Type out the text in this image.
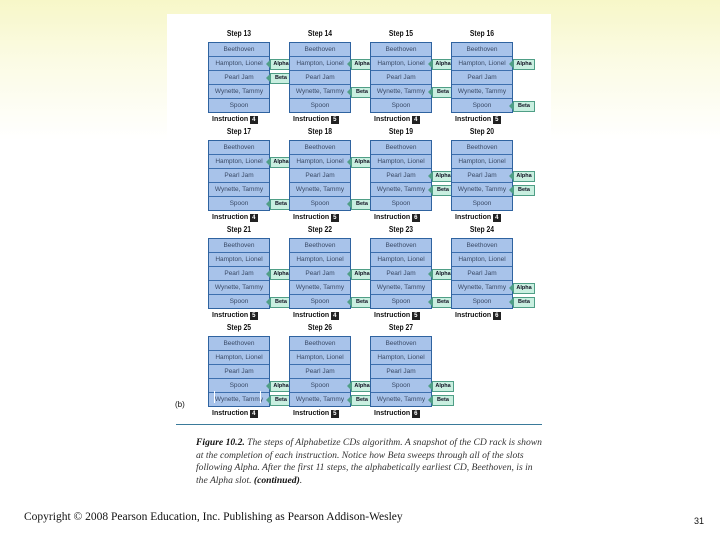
(b)
Step 13
Beethoven
Hampton, Lionel
Pearl Jam
Wynette, Tammy
Spoon
Alpha
Beta
Instruction 4
Step 14
Beethoven
Hampton, Lionel
Pearl Jam
Wynette, Tammy
Spoon
Alpha
Beta
Instruction 5
Step 15
Beethoven
Hampton, Lionel
Pearl Jam
Wynette, Tammy
Spoon
Alpha
Beta
Instruction 4
Step 16
Beethoven
Hampton, Lionel
Pearl Jam
Wynette, Tammy
Spoon
Alpha
Beta
Instruction 5
Step 17
Beethoven
Hampton, Lionel
Pearl Jam
Wynette, Tammy
Spoon
Alpha
Beta
Instruction 4
Step 18
Beethoven
Hampton, Lionel
Pearl Jam
Wynette, Tammy
Spoon
Alpha
Beta
Instruction 5
Step 19
Beethoven
Hampton, Lionel
Pearl Jam
Wynette, Tammy
Spoon
Alpha
Beta
Instruction 6
Step 20
Beethoven
Hampton, Lionel
Pearl Jam
Wynette, Tammy
Spoon
Alpha
Beta
Instruction 4
Step 21
Beethoven
Hampton, Lionel
Pearl Jam
Wynette, Tammy
Spoon
Alpha
Beta
Instruction 5
Step 22
Beethoven
Hampton, Lionel
Pearl Jam
Wynette, Tammy
Spoon
Alpha
Beta
Instruction 4
Step 23
Beethoven
Hampton, Lionel
Pearl Jam
Wynette, Tammy
Spoon
Alpha
Beta
Instruction 5
Step 24
Beethoven
Hampton, Lionel
Pearl Jam
Wynette, Tammy
Spoon
Alpha
Beta
Instruction 6
Step 25
Beethoven
Hampton, Lionel
Pearl Jam
Spoon
Wynette, Tammy
Alpha
Beta
Instruction 4
Step 26
Beethoven
Hampton, Lionel
Pearl Jam
Spoon
Wynette, Tammy
Alpha
Beta
Instruction 5
Step 27
Beethoven
Hampton, Lionel
Pearl Jam
Spoon
Wynette, Tammy
Alpha
Beta
Instruction 6
Figure 10.2. The steps of Alphabetize CDs algorithm. A snapshot of the CD rack is shown at the completion of each instruction. Notice how Beta sweeps through all of the slots following Alpha. After the first 11 steps, the alphabetically earliest CD, Beethoven, is in the Alpha slot. (continued).
Copyright © 2008 Pearson Education, Inc. Publishing as Pearson Addison-Wesley	31
